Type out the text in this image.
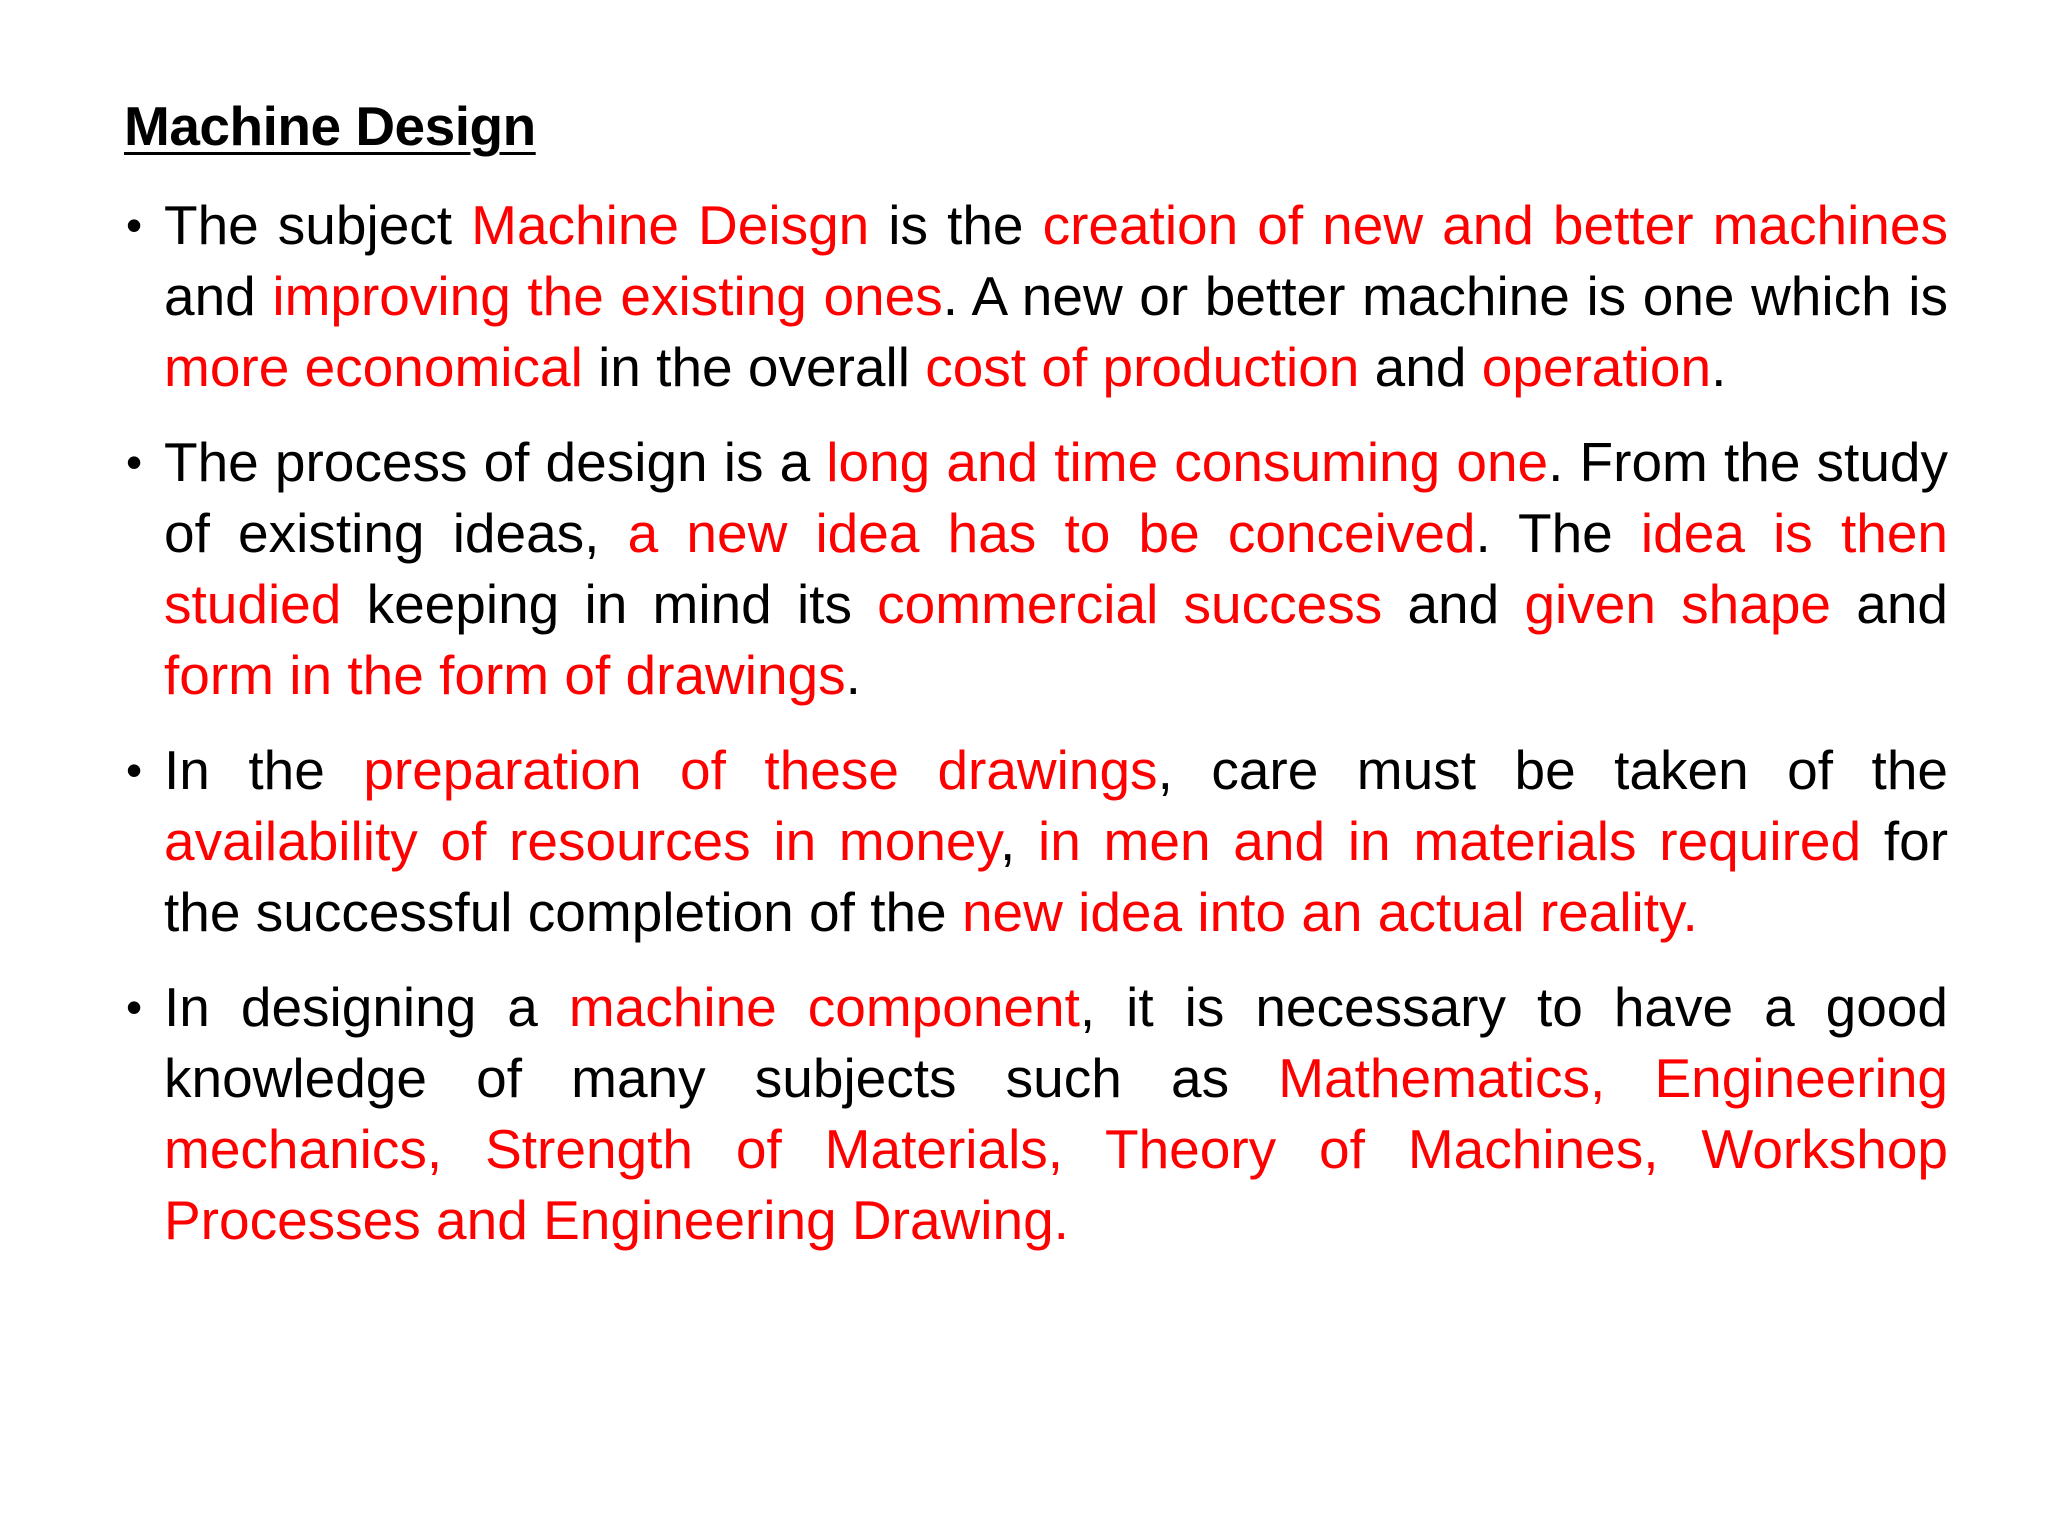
Machine Design
• The subject Machine Deisgn is the creation of new and better machines and improving the existing ones. A new or better machine is one which is more economical in the overall cost of production and operation.
• The process of design is a long and time consuming one. From the study of existing ideas, a new idea has to be conceived. The idea is then studied keeping in mind its commercial success and given shape and form in the form of drawings.
• In the preparation of these drawings, care must be taken of the availability of resources in money, in men and in materials required for the successful completion of the new idea into an actual reality.
• In designing a machine component, it is necessary to have a good knowledge of many subjects such as Mathematics, Engineering mechanics, Strength of Materials, Theory of Machines, Workshop Processes and Engineering Drawing.
